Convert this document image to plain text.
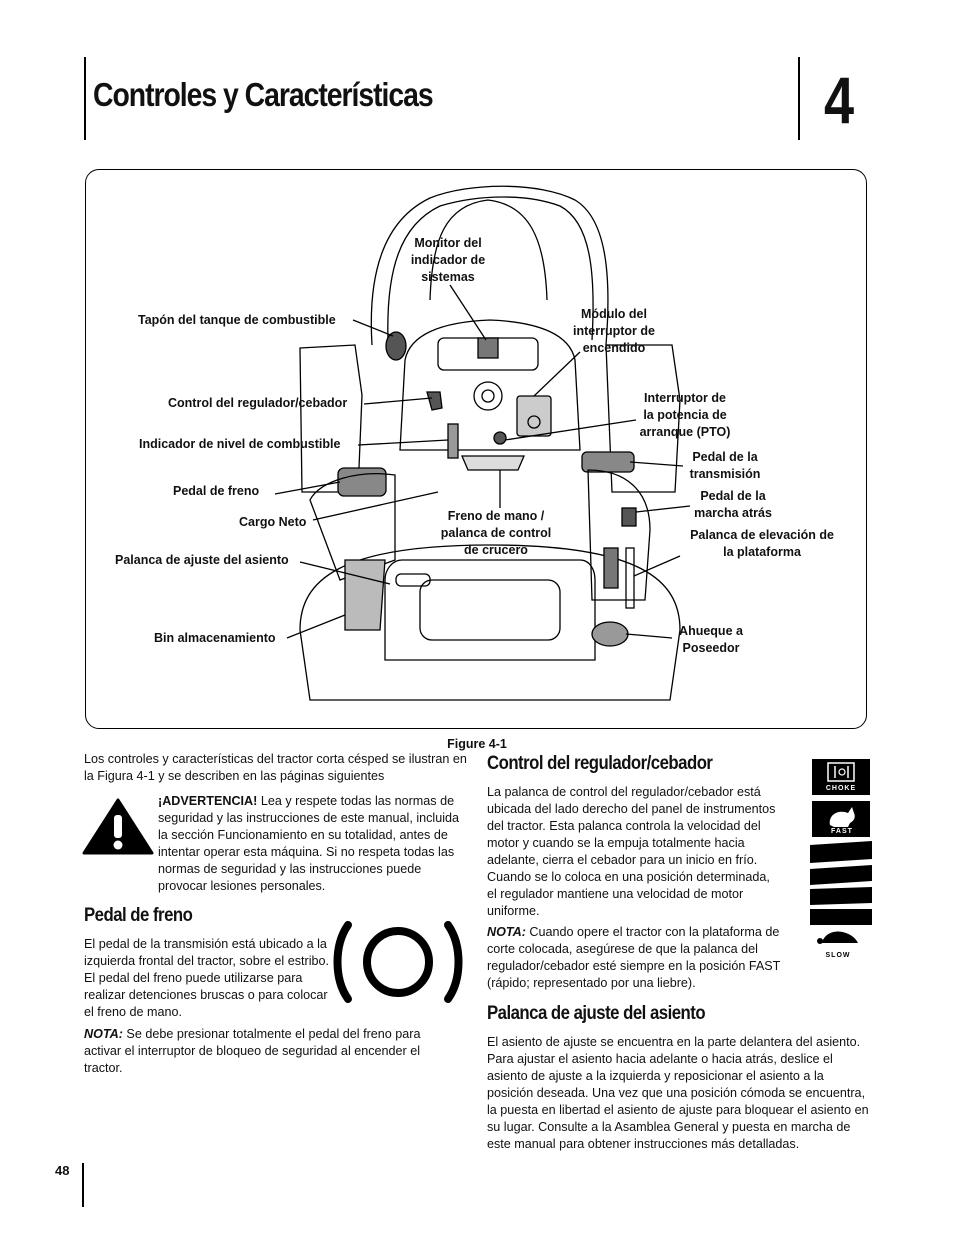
Controles y Características	4
Monitor del
indicador de
sistemas
Tapón del tanque de combustible	Módulo del
interruptor de
encendido
Control del regulador/cebador	Interruptor de
la potencia de
arranque (PTO)
Indicador de nivel de combustible
Pedal de la
transmisión
Pedal de freno	Pedal de la
marcha atrás
Cargo Neto	Freno de mano /
palanca de control
de crucero
Palanca de elevación de
la plataforma
Palanca de ajuste del asiento
Bin almacenamiento	Ahueque a
Poseedor
Figure 4-1
Los controles y características del tractor corta césped se ilustran en la Figura 4-1 y se describen en las páginas siguientes
¡ADVERTENCIA! Lea y respete todas las normas de seguridad y las instrucciones de este manual, incluida la sección Funcionamiento en su totalidad, antes de intentar operar esta máquina. Si no respeta todas las normas de seguridad y las instrucciones puede provocar lesiones personales.
Pedal de freno
El pedal de la transmisión está ubicado a la izquierda frontal del tractor, sobre el estribo. El pedal del freno puede utilizarse para realizar detenciones bruscas o para colocar el freno de mano.
NOTA: Se debe presionar totalmente el pedal del freno para activar el interruptor de bloqueo de seguridad al encender el tractor.
Control del regulador/cebador
La palanca de control del regulador/cebador está ubicada del lado derecho del panel de instrumentos del tractor. Esta palanca controla la velocidad del motor y cuando se la empuja totalmente hacia adelante, cierra el cebador para un inicio en frío. Cuando se lo coloca en una posición determinada, el regulador mantiene una velocidad de motor uniforme.
NOTA: Cuando opere el tractor con la plataforma de corte colocada, asegúrese de que la palanca del regulador/cebador esté siempre en la posición FAST (rápido; representado por una liebre).
CHOKE
FAST
SLOW
Palanca de ajuste del asiento
El asiento de ajuste se encuentra en la parte delantera del asiento. Para ajustar el asiento hacia adelante o hacia atrás, deslice el asiento de ajuste a la izquierda y reposicionar el asiento a la posición deseada. Una vez que una posición cómoda se encuentra, la puesta en libertad el asiento de ajuste para bloquear el asiento en su lugar. Consulte a la Asamblea General y puesta en marcha de este manual para obtener instrucciones más detalladas.
48
